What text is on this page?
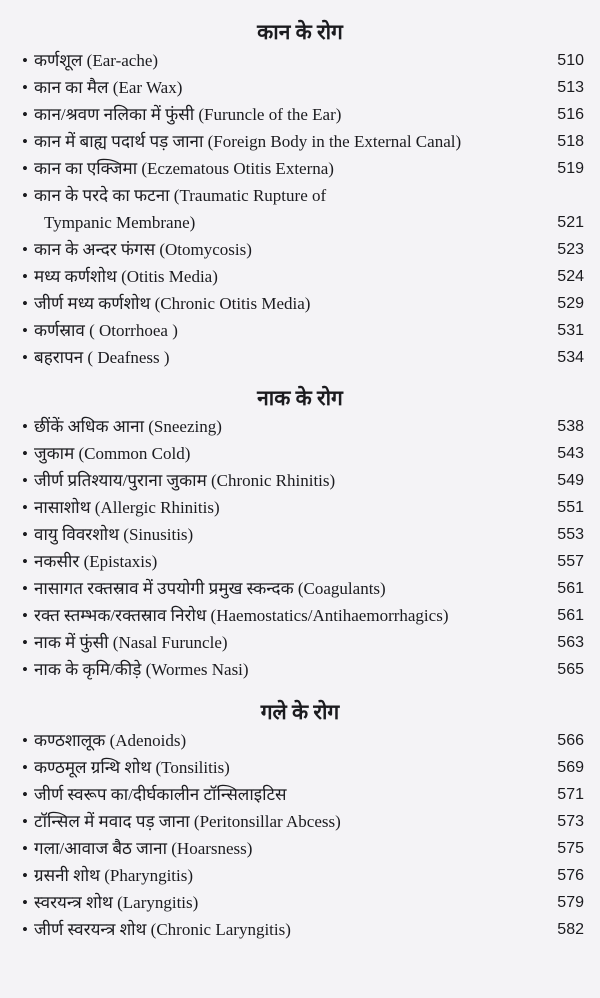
कान के रोग
• कर्णशूल (Ear-ache)	510
• कान का मैल (Ear Wax)	513
• कान/श्रवण नलिका में फुंसी (Furuncle of the Ear)	516
• कान में बाह्य पदार्थ पड़ जाना (Foreign Body in the External Canal)	518
• कान का एक्जिमा (Eczematous Otitis Externa)	519
• कान के परदे का फटना (Traumatic Rupture of
Tympanic Membrane)	521
• कान के अन्दर फंगस (Otomycosis)	523
• मध्य कर्णशोथ (Otitis Media)	524
• जीर्ण मध्य कर्णशोथ (Chronic Otitis Media)	529
• कर्णस्राव ( Otorrhoea )	531
• बहरापन ( Deafness )	534
नाक के रोग
• छींकें अधिक आना (Sneezing)	538
• जुकाम (Common Cold)	543
• जीर्ण प्रतिश्याय/पुराना जुकाम (Chronic Rhinitis)	549
• नासाशोथ (Allergic Rhinitis)	551
• वायु विवरशोथ (Sinusitis)	553
• नकसीर (Epistaxis)	557
• नासागत रक्तस्राव में उपयोगी प्रमुख स्कन्दक (Coagulants)	561
• रक्त स्तम्भक/रक्तस्राव निरोध (Haemostatics/Antihaemorrhagics)	561
• नाक में फुंसी (Nasal Furuncle)	563
• नाक के कृमि/कीड़े (Wormes Nasi)	565
गले के रोग
• कण्ठशालूक (Adenoids)	566
• कण्ठमूल ग्रन्थि शोथ (Tonsilitis)	569
• जीर्ण स्वरूप का/दीर्घकालीन टॉन्सिलाइटिस	571
• टॉन्सिल में मवाद पड़ जाना (Peritonsillar Abcess)	573
• गला/आवाज बैठ जाना (Hoarsness)	575
• ग्रसनी शोथ (Pharyngitis)	576
• स्वरयन्त्र शोथ (Laryngitis)	579
• जीर्ण स्वरयन्त्र शोथ (Chronic Laryngitis)	582
